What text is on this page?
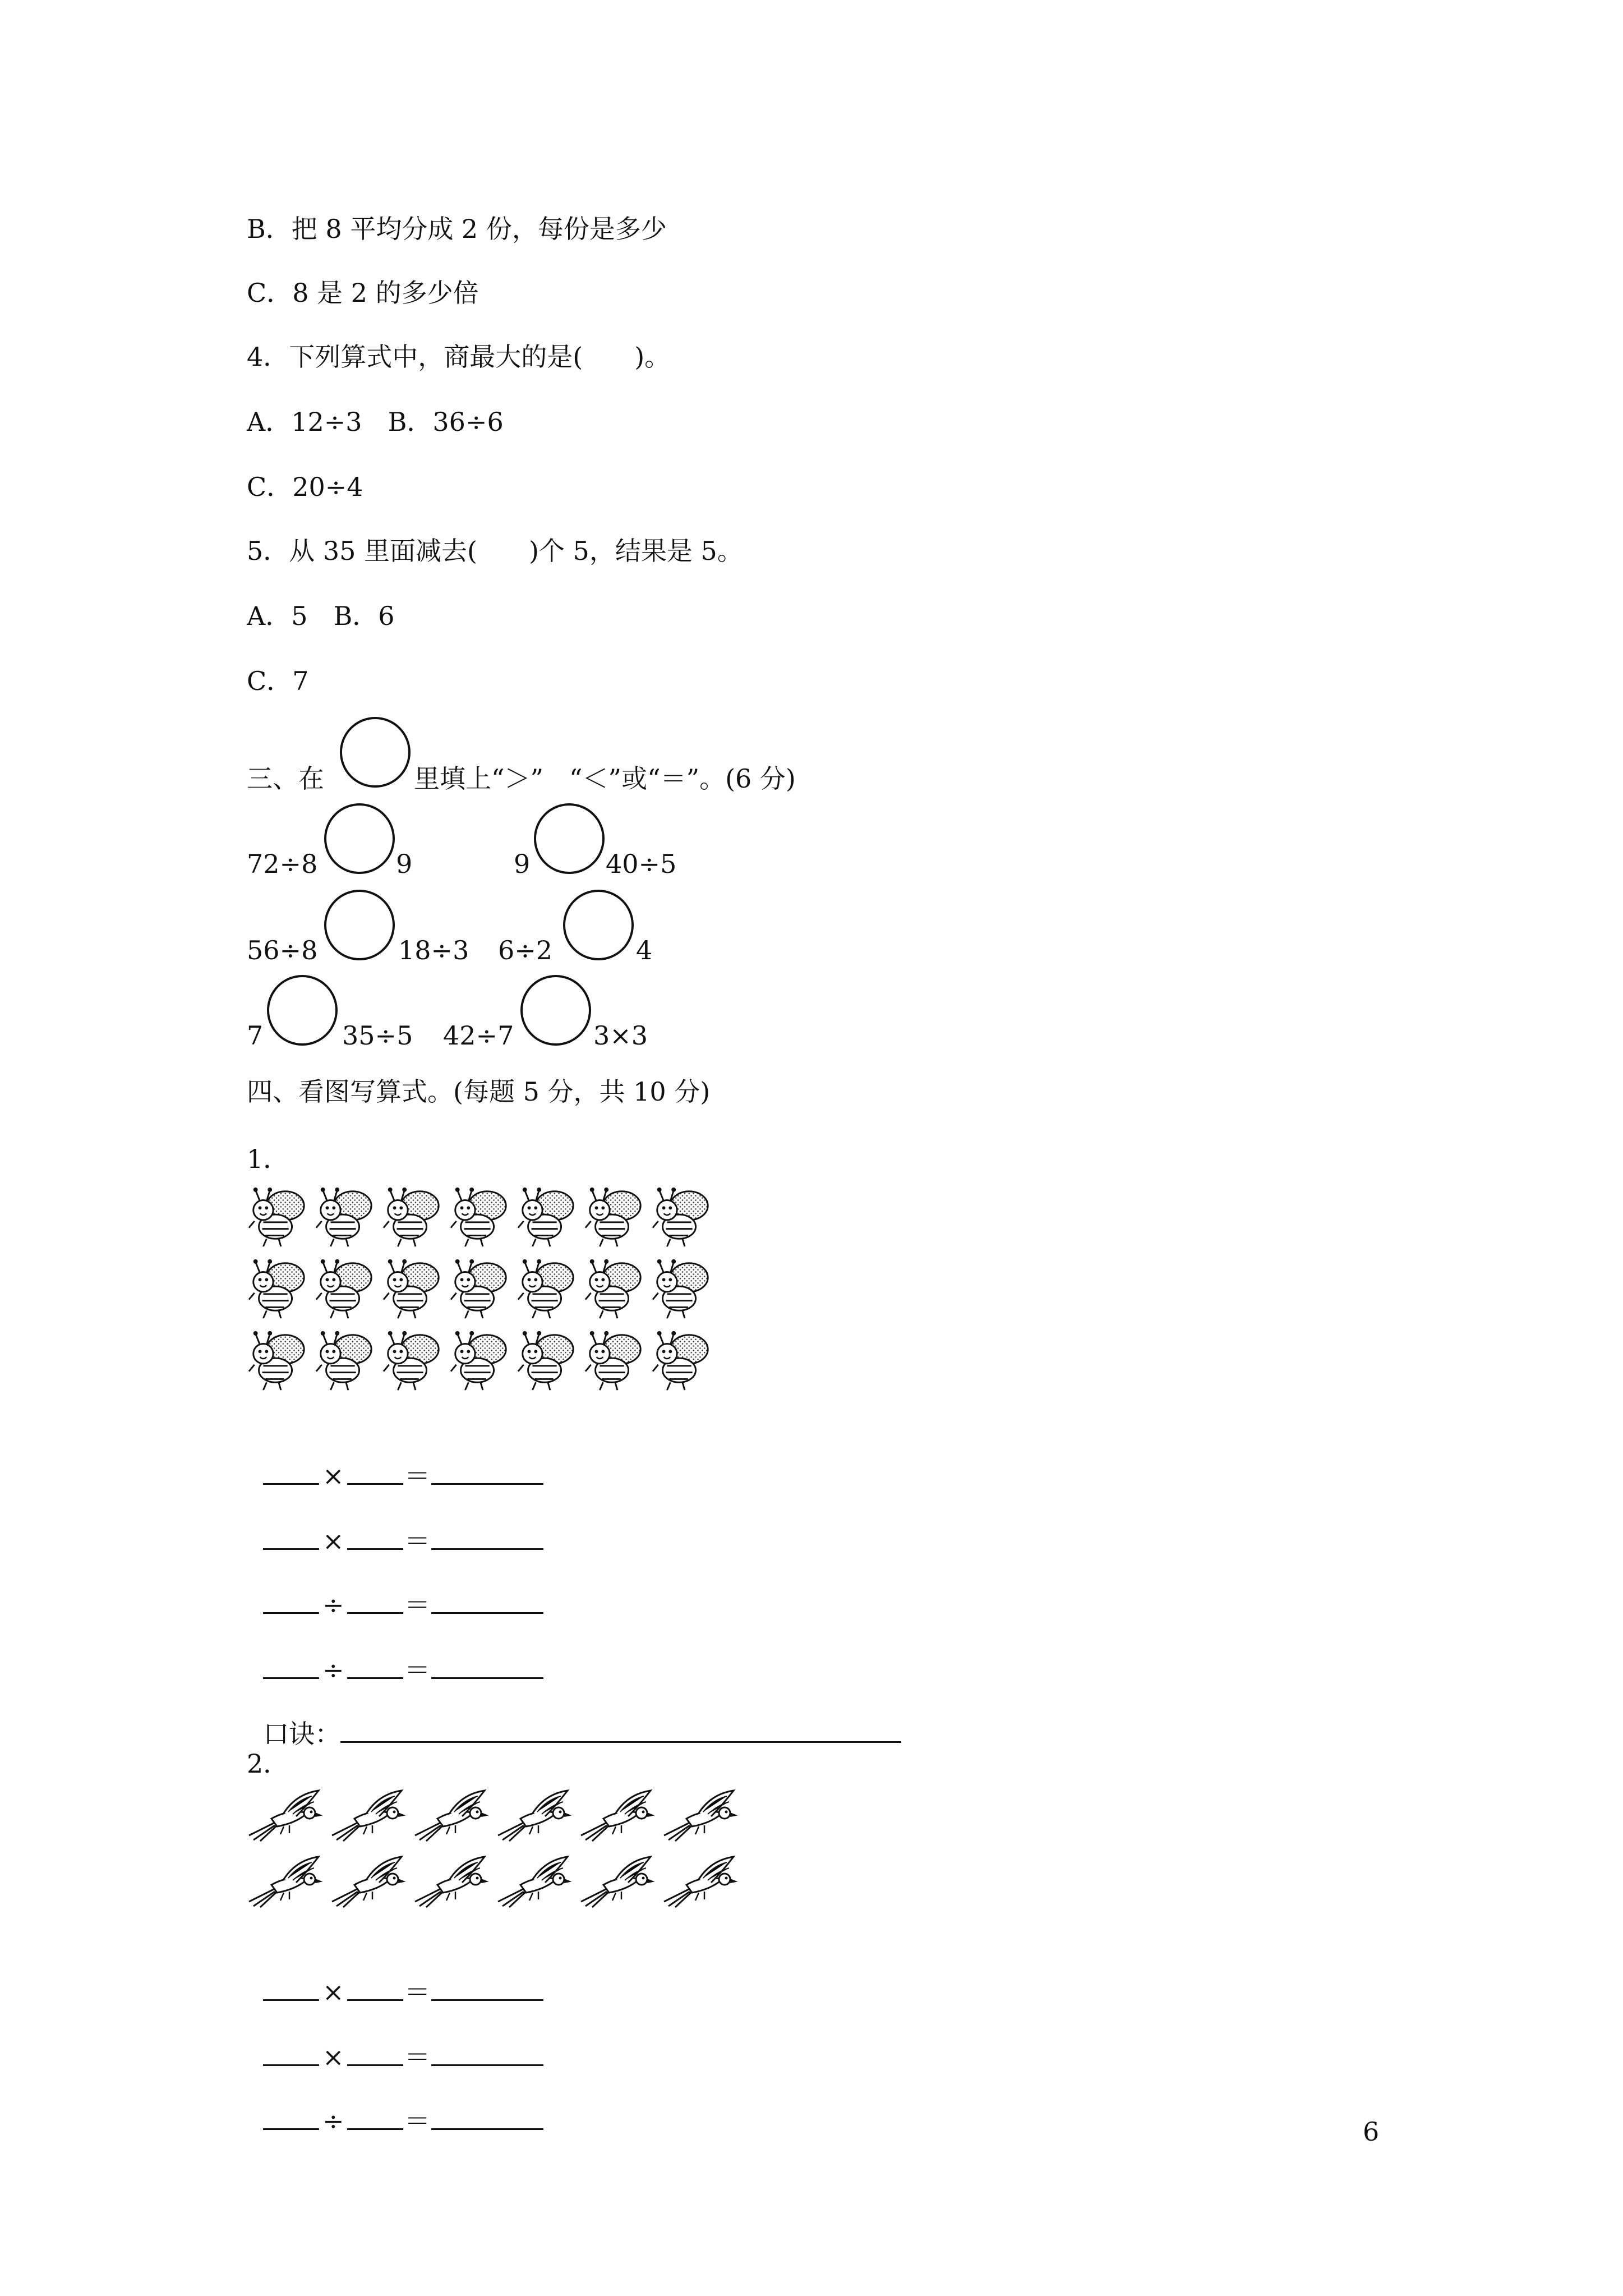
B．把 8 平均分成 2 份，每份是多少
C．8 是 2 的多少倍
4．下列算式中，商最大的是(　　)。
A．12÷3　B．36÷6
C．20÷4
5．从 35 里面减去(　　)个 5，结果是 5。
A．5　B．6
C．7
三、在	里填上“＞”　“＜”或“＝”。(6 分)
72÷8	9	9	40÷5
56÷8	18÷3 6÷2	4
7	35÷5 42÷7	3×3
四、看图写算式。(每题 5 分，共 10 分)
1．

× ＝

× ＝

÷ ＝

÷ ＝

口诀：

2．

× ＝

× ＝

÷ ＝	6
